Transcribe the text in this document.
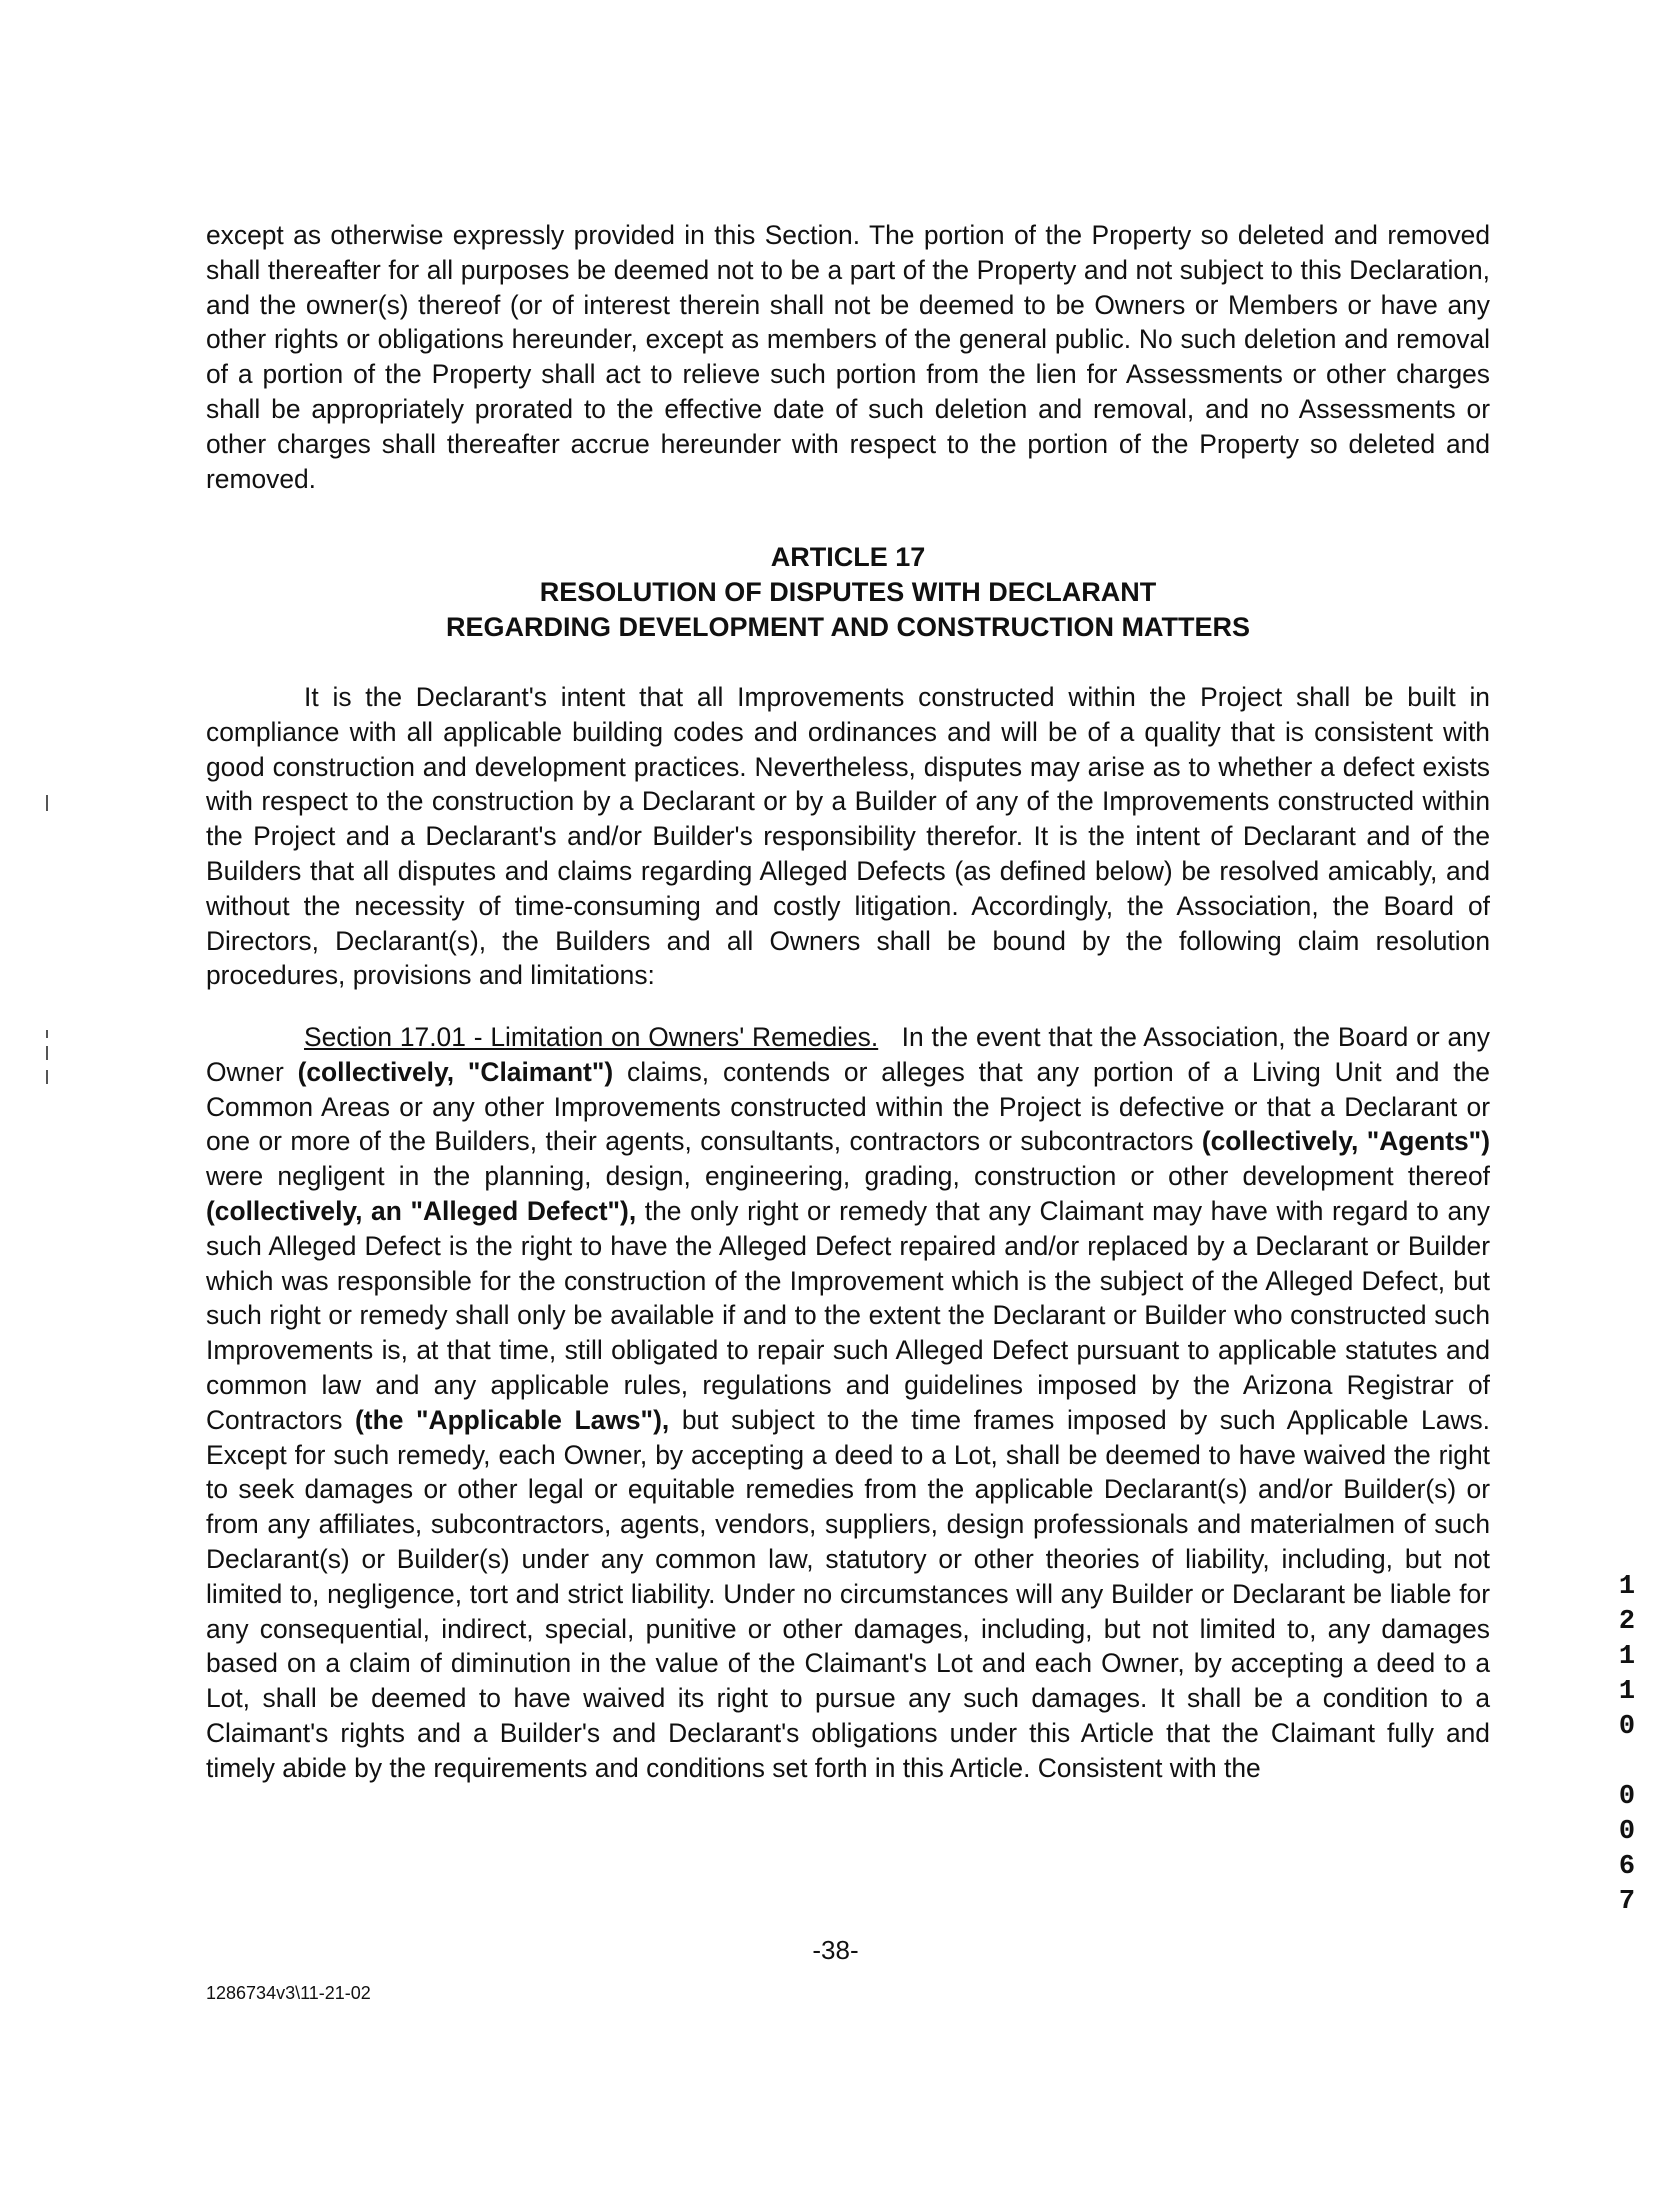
except as otherwise expressly provided in this Section. The portion of the Property so deleted and removed shall thereafter for all purposes be deemed not to be a part of the Property and not subject to this Declaration, and the owner(s) thereof (or of interest therein shall not be deemed to be Owners or Members or have any other rights or obligations hereunder, except as members of the general public. No such deletion and removal of a portion of the Property shall act to relieve such portion from the lien for Assessments or other charges shall be appropriately prorated to the effective date of such deletion and removal, and no Assessments or other charges shall thereafter accrue hereunder with respect to the portion of the Property so deleted and removed.

ARTICLE 17
RESOLUTION OF DISPUTES WITH DECLARANT
REGARDING DEVELOPMENT AND CONSTRUCTION MATTERS

It is the Declarant's intent that all Improvements constructed within the Project shall be built in compliance with all applicable building codes and ordinances and will be of a quality that is consistent with good construction and development practices. Nevertheless, disputes may arise as to whether a defect exists with respect to the construction by a Declarant or by a Builder of any of the Improvements constructed within the Project and a Declarant's and/or Builder's responsibility therefor. It is the intent of Declarant and of the Builders that all disputes and claims regarding Alleged Defects (as defined below) be resolved amicably, and without the necessity of time-consuming and costly litigation. Accordingly, the Association, the Board of Directors, Declarant(s), the Builders and all Owners shall be bound by the following claim resolution procedures, provisions and limitations:

Section 17.01 - Limitation on Owners' Remedies. In the event that the Association, the Board or any Owner (collectively, "Claimant") claims, contends or alleges that any portion of a Living Unit and the Common Areas or any other Improvements constructed within the Project is defective or that a Declarant or one or more of the Builders, their agents, consultants, contractors or subcontractors (collectively, "Agents") were negligent in the planning, design, engineering, grading, construction or other development thereof (collectively, an "Alleged Defect"), the only right or remedy that any Claimant may have with regard to any such Alleged Defect is the right to have the Alleged Defect repaired and/or replaced by a Declarant or Builder which was responsible for the construction of the Improvement which is the subject of the Alleged Defect, but such right or remedy shall only be available if and to the extent the Declarant or Builder who constructed such Improvements is, at that time, still obligated to repair such Alleged Defect pursuant to applicable statutes and common law and any applicable rules, regulations and guidelines imposed by the Arizona Registrar of Contractors (the "Applicable Laws"), but subject to the time frames imposed by such Applicable Laws. Except for such remedy, each Owner, by accepting a deed to a Lot, shall be deemed to have waived the right to seek damages or other legal or equitable remedies from the applicable Declarant(s) and/or Builder(s) or from any affiliates, subcontractors, agents, vendors, suppliers, design professionals and materialmen of such Declarant(s) or Builder(s) under any common law, statutory or other theories of liability, including, but not limited to, negligence, tort and strict liability. Under no circumstances will any Builder or Declarant be liable for any consequential, indirect, special, punitive or other damages, including, but not limited to, any damages based on a claim of diminution in the value of the Claimant's Lot and each Owner, by accepting a deed to a Lot, shall be deemed to have waived its right to pursue any such damages. It shall be a condition to a Claimant's rights and a Builder's and Declarant's obligations under this Article that the Claimant fully and timely abide by the requirements and conditions set forth in this Article. Consistent with the

1
2
1
1
0
0
0
6
7
-38-
1286734v3\11-21-02
